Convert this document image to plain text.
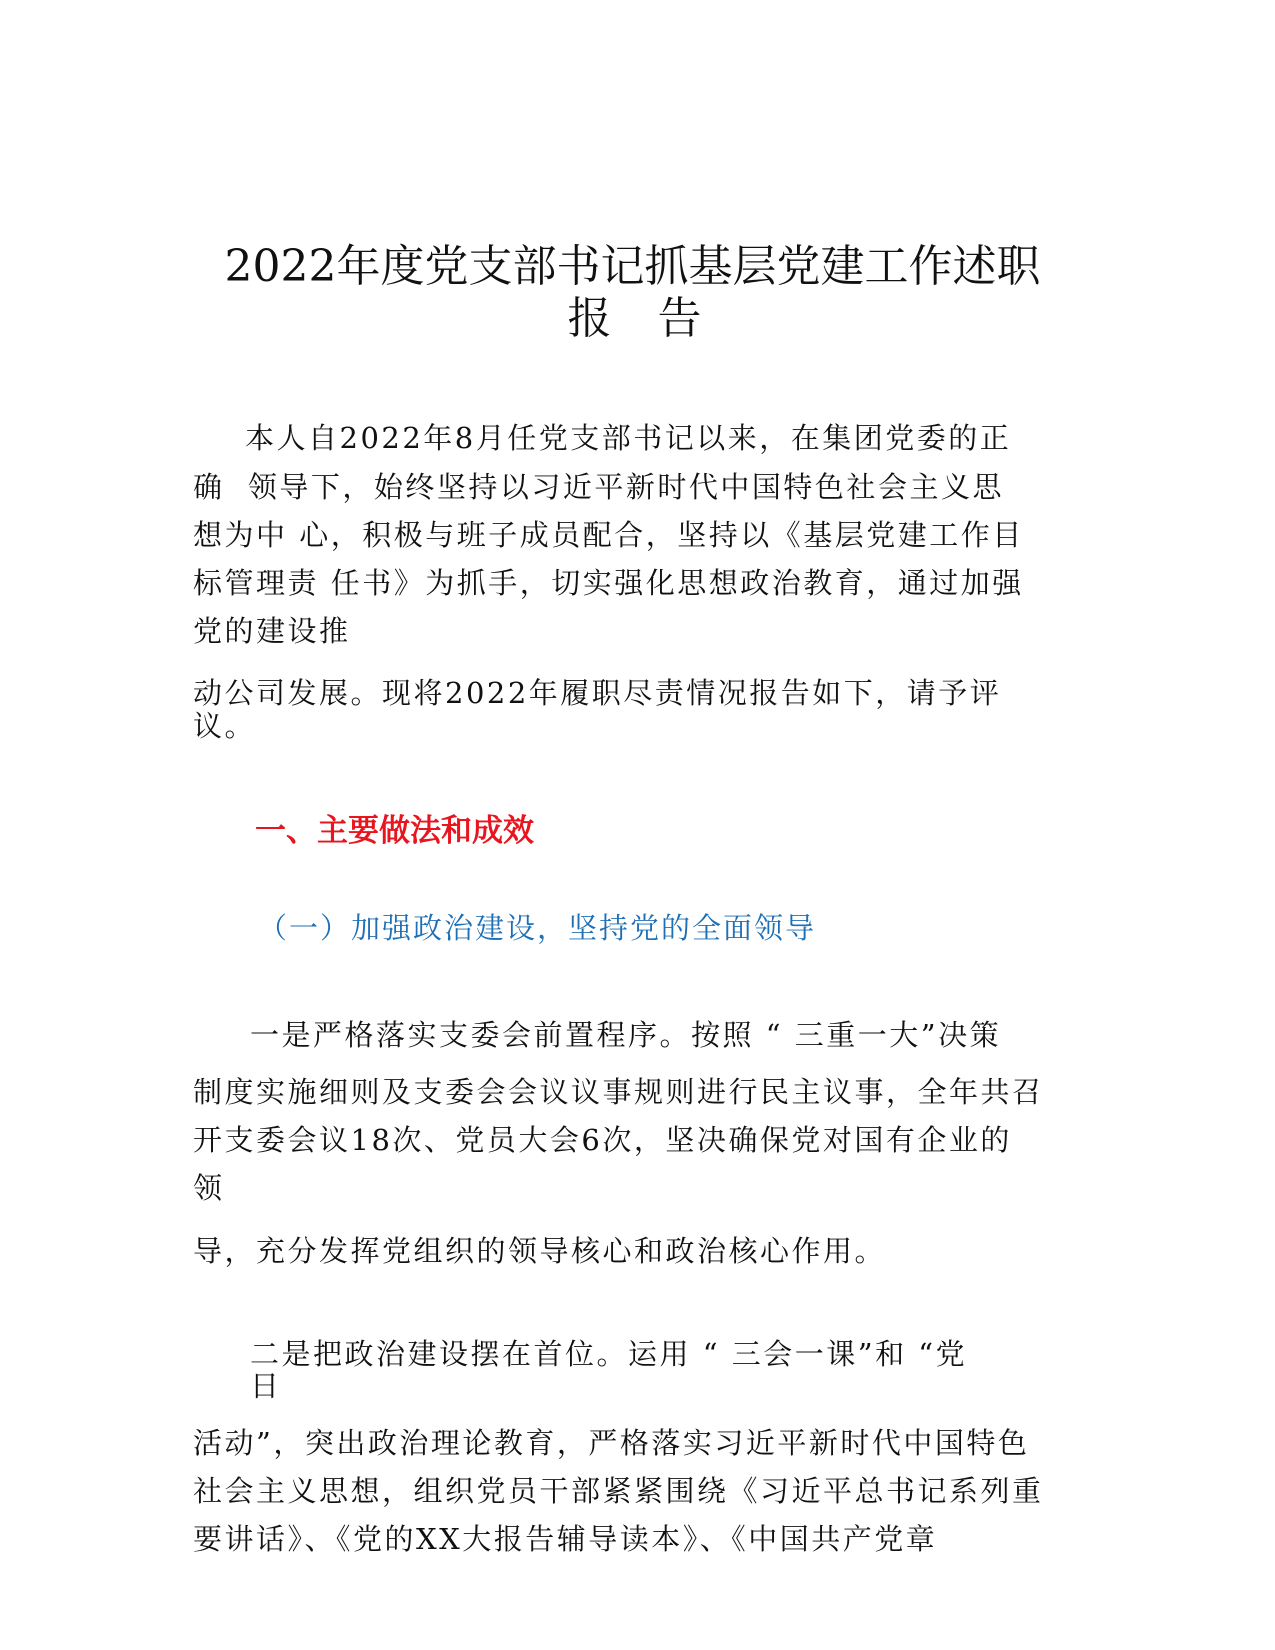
2022年度党支部书记抓基层党建工作述职
报  告
本人自2022年8月任党支部书记以来，在集团党委的正
确  领导下，始终坚持以习近平新时代中国特色社会主义思
想为中 心，积极与班子成员配合，坚持以《基层党建工作目
标管理责 任书》为抓手，切实强化思想政治教育，通过加强
党的建设推
动公司发展。现将2022年履职尽责情况报告如下，请予评
议。
一、主要做法和成效
（一）加强政治建设，坚持党的全面领导
一是严格落实支委会前置程序。按照 “ 三重一大”决策
制度实施细则及支委会会议议事规则进行民主议事，全年共召
开支委会议18次、党员大会6次，坚决确保党对国有企业的
领
导，充分发挥党组织的领导核心和政治核心作用。
二是把政治建设摆在首位。运用 “ 三会一课”和 “党
日
活动”，突出政治理论教育，严格落实习近平新时代中国特色
社会主义思想，组织党员干部紧紧围绕《习近平总书记系列重
要讲话》、《党的XX大报告辅导读本》、《中国共产党章
